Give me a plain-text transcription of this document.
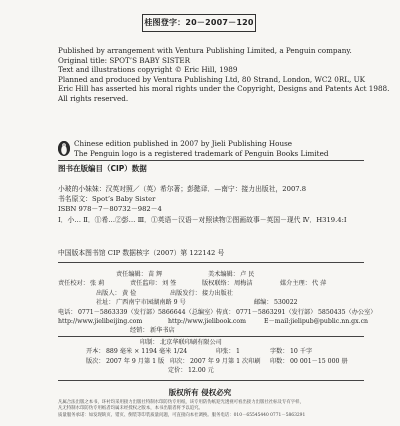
桂图登字：20－2007－120
Published by arrangement with Ventura Publishing Limited, a Penguin company.
Original title: SPOT’S BABY SISTER
Text and illustrations copyright © Eric Hill, 1989
Planned and produced by Ventura Publishing Ltd, 80 Strand, London, WC2 0RL, UK
Eric Hill has asserted his moral rights under the Copyright, Designs and Patents Act 1988.
All rights reserved.
Chinese edition published in 2007 by Jieli Publishing House
The Penguin logo is a registered trademark of Penguin Books Limited
图书在版编目（CIP）数据
小玻的小妹妹：汉英对照／（英）希尔著；彭懿译．—南宁：接力出版社，2007.8
书名原文：Spot’s Baby Sister
ISBN 978－7－80732－982－4
Ⅰ．小… Ⅱ．①希…②彭… Ⅲ．①英语－汉语－对照读物②图画故事－英国－现代 Ⅳ．H319.4:I
中国版本图书馆 CIP 数据核字（2007）第 122142 号
责任编辑： 苗 辉	美术编辑： 卢 民
责任校对： 张 莉	责任监印： 刘 签	版权联络： 周梅洁	媒介主理： 代 萍
出版人： 黄 俭	出版发行： 接力出版社
社址： 广西南宁市园湖南路 9 号	邮编： 530022
电话： 0771－5863339（发行部） 5866644（总编室） 传真： 0771－5863291（发行部） 5850435（办公室）
http://www.jielibeijing.com	http://www.jielibook.com	E－mail:jielipub@public.nn.gx.cn
经销： 新华书店
印制： 北京华联印刷有限公司
开本： 889 毫米 × 1194 毫米 1/24	印张： 1	字数： 10 千字
版次： 2007 年 9 月第 1 版 印次： 2007 年 9 月第 1 次印刷 印数： 00 001－15 000 册
定价： 12.00 元
版权所有 侵权必究
凡属合法出版之本书，环衬均采用接力出版社特制水印防伪专用纸，该专用防伪纸迎光透视可看出接力出版社社标及专有字样，
凡无特制水印防伪专用纸者均属未经授权之版本，本书出版者将予以追究。
质量服务承诺：如发现缺页、错页、倒装等印装质量问题，可直接向本社调换。服务电话：010－65545440 0771－5863291
